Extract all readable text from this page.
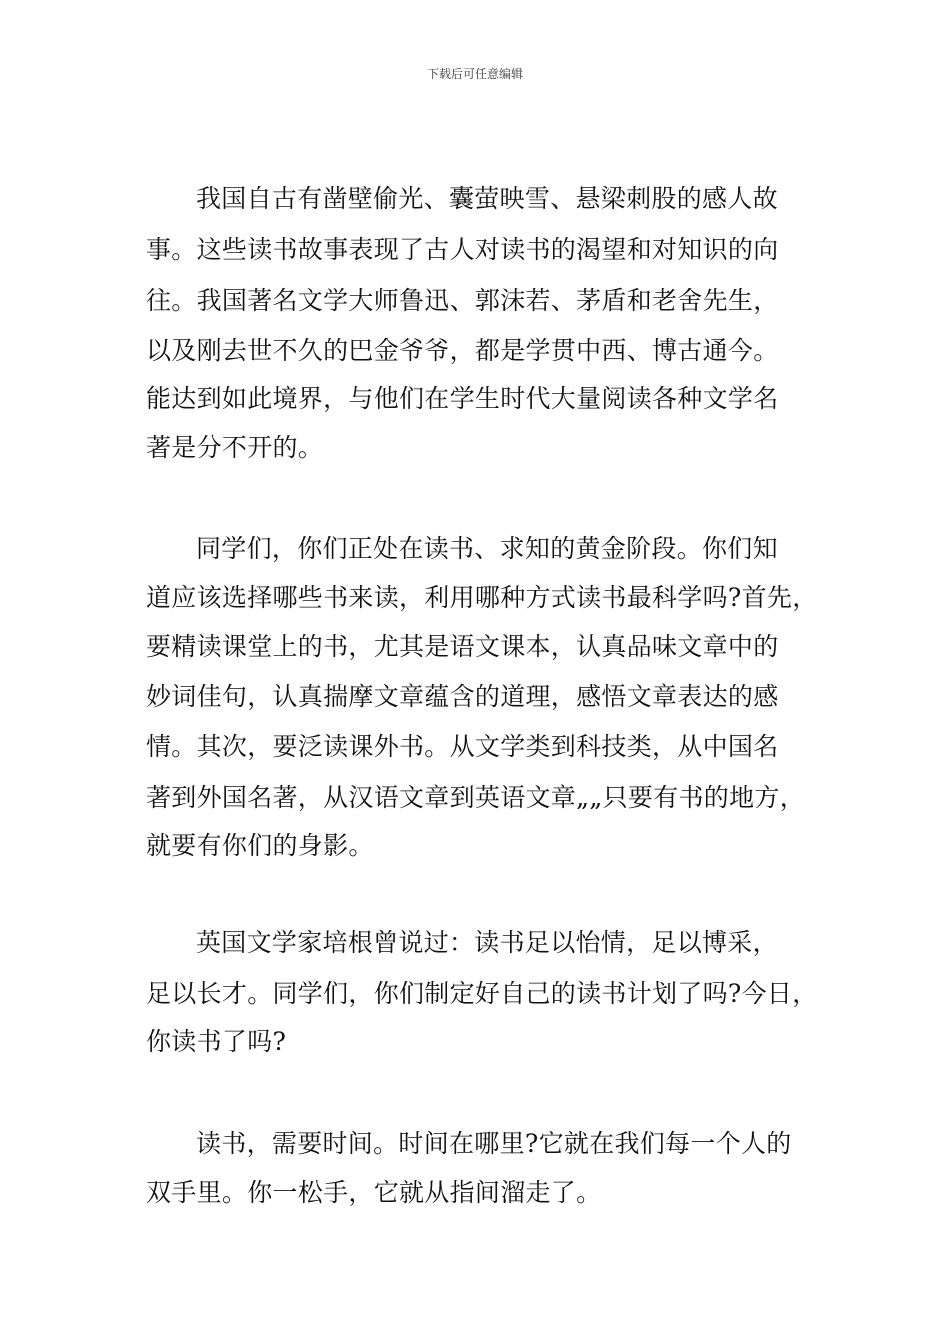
下载后可任意编辑
我国自古有凿壁偷光、囊萤映雪、悬梁刺股的感人故
事。这些读书故事表现了古人对读书的渴望和对知识的向
往。我国著名文学大师鲁迅、郭沫若、茅盾和老舍先生，
以及刚去世不久的巴金爷爷，都是学贯中西、博古通今。
能达到如此境界，与他们在学生时代大量阅读各种文学名
著是分不开的。
同学们，你们正处在读书、求知的黄金阶段。你们知
道应该选择哪些书来读，利用哪种方式读书最科学吗?首先，
要精读课堂上的书，尤其是语文课本，认真品味文章中的
妙词佳句，认真揣摩文章蕴含的道理，感悟文章表达的感
情。其次，要泛读课外书。从文学类到科技类，从中国名
著到外国名著，从汉语文章到英语文章„„只要有书的地方，
就要有你们的身影。
英国文学家培根曾说过：读书足以怡情，足以博采，
足以长才。同学们，你们制定好自己的读书计划了吗?今日，
你读书了吗?
读书，需要时间。时间在哪里?它就在我们每一个人的
双手里。你一松手，它就从指间溜走了。
